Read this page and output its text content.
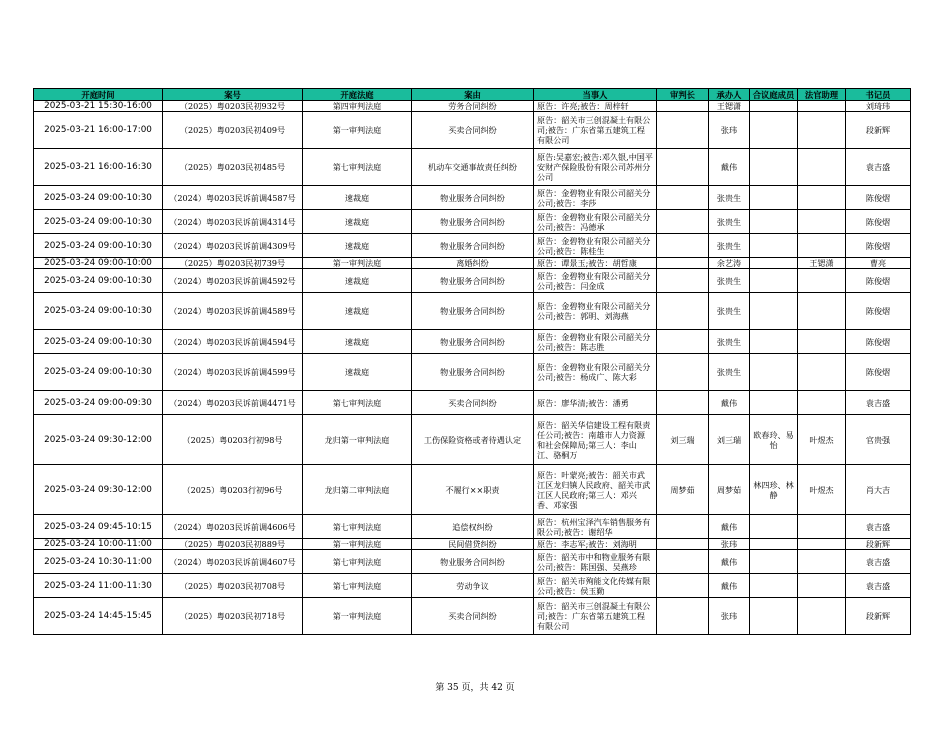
开庭时间	案号	开庭法庭	案由	当事人	审判长	承办人	合议庭成员	法官助理	书记员
2025-03-21 15:30-16:00	（2025）粤0203民初932号	第四审判法庭	劳务合同纠纷	原告：许亮;被告：周梓轩		王锶潇			刘琦玮
2025-03-21 16:00-17:00	（2025）粤0203民初409号	第一审判法庭	买卖合同纠纷	原告：韶关市三创混凝土有限公司;被告：广东省第五建筑工程有限公司		张玮			段新辉
2025-03-21 16:00-16:30	（2025）粤0203民初485号	第七审判法庭	机动车交通事故责任纠纷	原告:吴嘉宏;被告:邓久银,中国平安财产保险股份有限公司苏州分公司		戴伟			袁吉盛
2025-03-24 09:00-10:30	（2024）粤0203民诉前调4587号	速裁庭	物业服务合同纠纷	原告：金碧物业有限公司韶关分公司;被告：李莎		张贵生			陈俊熠
2025-03-24 09:00-10:30	（2024）粤0203民诉前调4314号	速裁庭	物业服务合同纠纷	原告：金碧物业有限公司韶关分公司;被告：冯德承		张贵生			陈俊熠
2025-03-24 09:00-10:30	（2024）粤0203民诉前调4309号	速裁庭	物业服务合同纠纷	原告：金碧物业有限公司韶关分公司;被告：陈桂生		张贵生			陈俊熠
2025-03-24 09:00-10:00	（2025）粤0203民初739号	第一审判法庭	离婚纠纷	原告：谭景玉;被告：胡哲康		余艺涛		王锶潇	曹亮
2025-03-24 09:00-10:30	（2024）粤0203民诉前调4592号	速裁庭	物业服务合同纠纷	原告：金碧物业有限公司韶关分公司;被告：闫金成		张贵生			陈俊熠
2025-03-24 09:00-10:30	（2024）粤0203民诉前调4589号	速裁庭	物业服务合同纠纷	原告：金碧物业有限公司韶关分公司;被告：郭明、刘海燕		张贵生			陈俊熠
2025-03-24 09:00-10:30	（2024）粤0203民诉前调4594号	速裁庭	物业服务合同纠纷	原告：金碧物业有限公司韶关分公司;被告：陈志胜		张贵生			陈俊熠
2025-03-24 09:00-10:30	（2024）粤0203民诉前调4599号	速裁庭	物业服务合同纠纷	原告：金碧物业有限公司韶关分公司;被告：杨成广、陈大彩		张贵生			陈俊熠
2025-03-24 09:00-09:30	（2024）粤0203民诉前调4471号	第七审判法庭	买卖合同纠纷	原告：廖华清;被告：潘勇		戴伟			袁吉盛
2025-03-24 09:30-12:00	（2025）粤0203行初98号	龙归第一审判法庭	工伤保险资格或者待遇认定	原告：韶关华信建设工程有限责任公司;被告：南雄市人力资源和社会保障局;第三人：李山江、骆桐万	刘三瑞	刘三瑞	欧春玲、易怡	叶煜杰	官贵强
2025-03-24 09:30-12:00	（2025）粤0203行初96号	龙归第二审判法庭	不履行××职责	原告：叶蒙亮;被告：韶关市武江区龙归镇人民政府、韶关市武江区人民政府;第三人：邓兴香、邓家强	周梦茹	周梦茹	林四珍、林静	叶煜杰	肖大吉
2025-03-24 09:45-10:15	（2024）粤0203民诉前调4606号	第七审判法庭	追偿权纠纷	原告：杭州宝泽汽车销售服务有限公司;被告：谢绍华		戴伟			袁吉盛
2025-03-24 10:00-11:00	（2025）粤0203民初889号	第一审判法庭	民间借贷纠纷	原告：李志军;被告：刘海明		张玮			段新辉
2025-03-24 10:30-11:00	（2024）粤0203民诉前调4607号	第七审判法庭	物业服务合同纠纷	原告：韶关市中和物业服务有限公司;被告：陈国强、吴燕珍		戴伟			袁吉盛
2025-03-24 11:00-11:30	（2025）粤0203民初708号	第七审判法庭	劳动争议	原告：韶关市殉能文化传媒有限公司;被告：侯玉勤		戴伟			袁吉盛
2025-03-24 14:45-15:45	（2025）粤0203民初718号	第一审判法庭	买卖合同纠纷	原告：韶关市三创混凝土有限公司;被告：广东省第五建筑工程有限公司		张玮			段新辉
第 35 页，共 42 页
